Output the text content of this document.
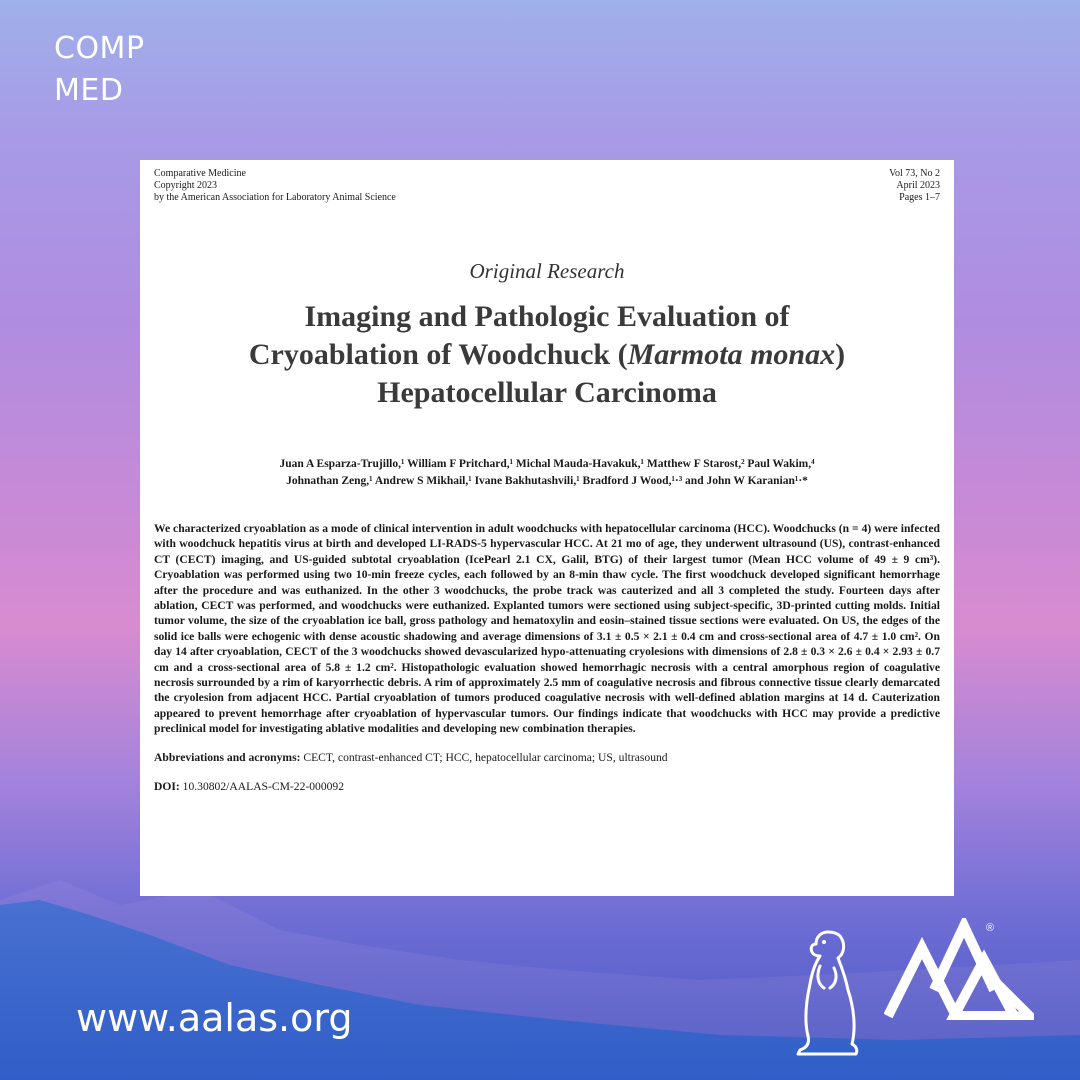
COMP
MED
Comparative Medicine
Copyright 2023
by the American Association for Laboratory Animal Science
Vol 73, No 2
April 2023
Pages 1–7
Original Research
Imaging and Pathologic Evaluation of
Cryoablation of Woodchuck (Marmota monax)
Hepatocellular Carcinoma
Juan A Esparza-Trujillo,¹ William F Pritchard,¹ Michal Mauda-Havakuk,¹ Matthew F Starost,² Paul Wakim,⁴
Johnathan Zeng,¹ Andrew S Mikhail,¹ Ivane Bakhutashvili,¹ Bradford J Wood,¹·³ and John W Karanian¹·*
We characterized cryoablation as a mode of clinical intervention in adult woodchucks with hepatocellular carcinoma (HCC). Woodchucks (n = 4) were infected with woodchuck hepatitis virus at birth and developed LI-RADS-5 hypervascular HCC. At 21 mo of age, they underwent ultrasound (US), contrast-enhanced CT (CECT) imaging, and US-guided subtotal cryoablation (IcePearl 2.1 CX, Galil, BTG) of their largest tumor (Mean HCC volume of 49 ± 9 cm³). Cryoablation was performed using two 10-min freeze cycles, each followed by an 8-min thaw cycle. The first woodchuck developed significant hemorrhage after the procedure and was euthanized. In the other 3 woodchucks, the probe track was cauterized and all 3 completed the study. Fourteen days after ablation, CECT was performed, and woodchucks were euthanized. Explanted tumors were sectioned using subject-specific, 3D-printed cutting molds. Initial tumor volume, the size of the cryoablation ice ball, gross pathology and hematoxylin and eosin–stained tissue sections were evaluated. On US, the edges of the solid ice balls were echogenic with dense acoustic shadowing and average dimensions of 3.1 ± 0.5 × 2.1 ± 0.4 cm and cross-sectional area of 4.7 ± 1.0 cm². On day 14 after cryoablation, CECT of the 3 woodchucks showed devascularized hypo-attenuating cryolesions with dimensions of 2.8 ± 0.3 × 2.6 ± 0.4 × 2.93 ± 0.7 cm and a cross-sectional area of 5.8 ± 1.2 cm². Histopathologic evaluation showed hemorrhagic necrosis with a central amorphous region of coagulative necrosis surrounded by a rim of karyorrhectic debris. A rim of approximately 2.5 mm of coagulative necrosis and fibrous connective tissue clearly demarcated the cryolesion from adjacent HCC. Partial cryoablation of tumors produced coagulative necrosis with well-defined ablation margins at 14 d. Cauterization appeared to prevent hemorrhage after cryoablation of hypervascular tumors. Our findings indicate that woodchucks with HCC may provide a predictive preclinical model for investigating ablative modalities and developing new combination therapies.
Abbreviations and acronyms: CECT, contrast-enhanced CT; HCC, hepatocellular carcinoma; US, ultrasound
DOI: 10.30802/AALAS-CM-22-000092
www.aalas.org
®
